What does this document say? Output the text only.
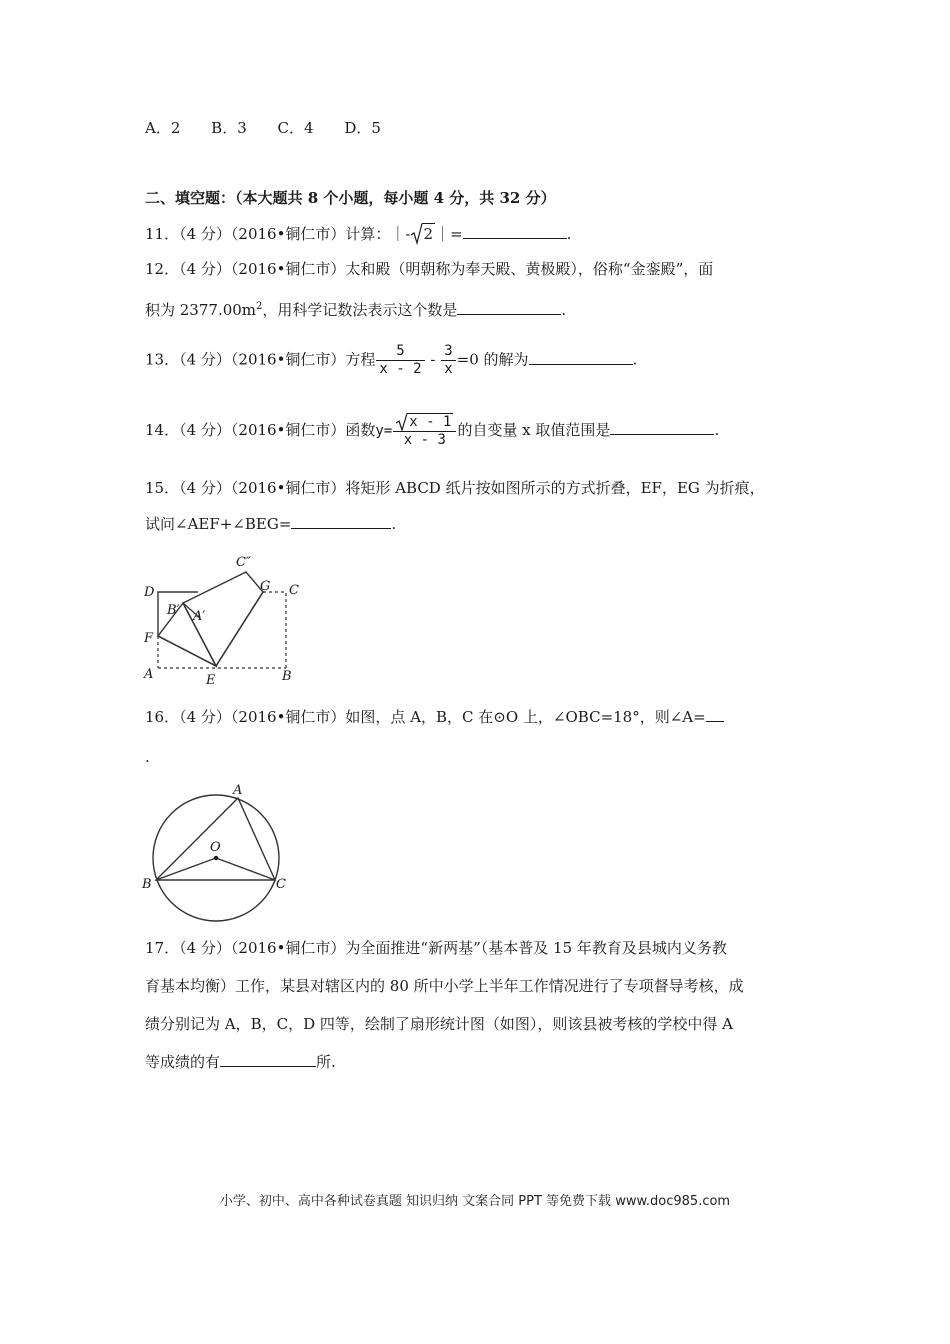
A．2 B．3 C．4 D．5
二、填空题：（本大题共 8 个小题，每小题 4 分，共 32 分）
11．（4 分）（2016•铜仁市）计算：｜- 2 ｜=	.
12．（4 分）（2016•铜仁市）太和殿（明朝称为奉天殿、黄极殿），俗称“金銮殿”，面
积为 $2377.00m^2$，用科学记数法表示这个数是	.
13．（4 分）（2016•铜仁市）方程 $\frac{5}{x - 2} - \frac{3}{x} =0$ 的解为	.
14．（4 分）（2016•铜仁市）函数$y= \frac{x - 1}{x - 3}$ 的自变量 x 取值范围是	.
15．（4 分）（2016•铜仁市）将矩形 ABCD 纸片按如图所示的方式折叠，EF，EG 为折痕，
试问∠AEF+∠BEG=	.
D
C″
G C
B′ A′
F
A	E	B
16．（4 分）（2016•铜仁市）如图，点 A，B，C 在⊙O 上，∠OBC=18°，则∠A=
.
A
B	C
O
17．（4 分）（2016•铜仁市）为全面推进“新两基”（基本普及 15 年教育及县城内义务教
育基本均衡）工作，某县对辖区内的 80 所中小学上半年工作情况进行了专项督导考核，成
绩分别记为 A，B，C，D 四等，绘制了扇形统计图（如图），则该县被考核的学校中得 A
等成绩的有	所.
小学、初中、高中各种试卷真题 知识归纳 文案合同 PPT 等免费下载 www.doc985.com
